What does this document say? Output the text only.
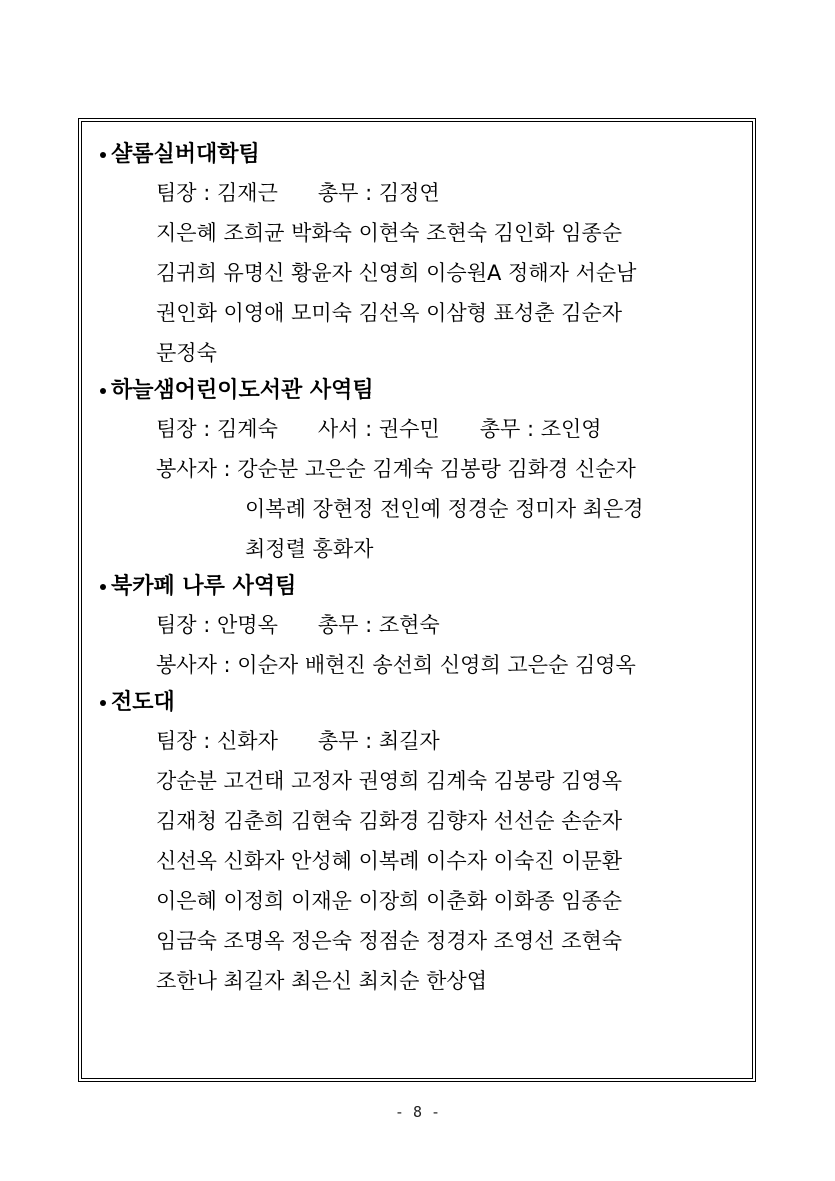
샬롬실버대학팀
팀장 : 김재근 총무 : 김정연
지은혜 조희균 박화숙 이현숙 조현숙 김인화 임종순
김귀희 유명신 황윤자 신영희 이승원A 정해자 서순남
권인화 이영애 모미숙 김선옥 이삼형 표성춘 김순자
문정숙
하늘샘어린이도서관 사역팀
팀장 : 김계숙 사서 : 권수민 총무 : 조인영
봉사자 : 강순분 고은순 김계숙 김봉랑 김화경 신순자
이복례 장현정 전인예 정경순 정미자 최은경
최정렬 홍화자
북카페 나루 사역팀
팀장 : 안명옥 총무 : 조현숙
봉사자 : 이순자 배현진 송선희 신영희 고은순 김영옥
전도대
팀장 : 신화자 총무 : 최길자
강순분 고건태 고정자 권영희 김계숙 김봉랑 김영옥
김재청 김춘희 김현숙 김화경 김향자 선선순 손순자
신선옥 신화자 안성혜 이복례 이수자 이숙진 이문환
이은혜 이정희 이재운 이장희 이춘화 이화종 임종순
임금숙 조명옥 정은숙 정점순 정경자 조영선 조현숙
조한나 최길자 최은신 최치순 한상엽
- 8 -
